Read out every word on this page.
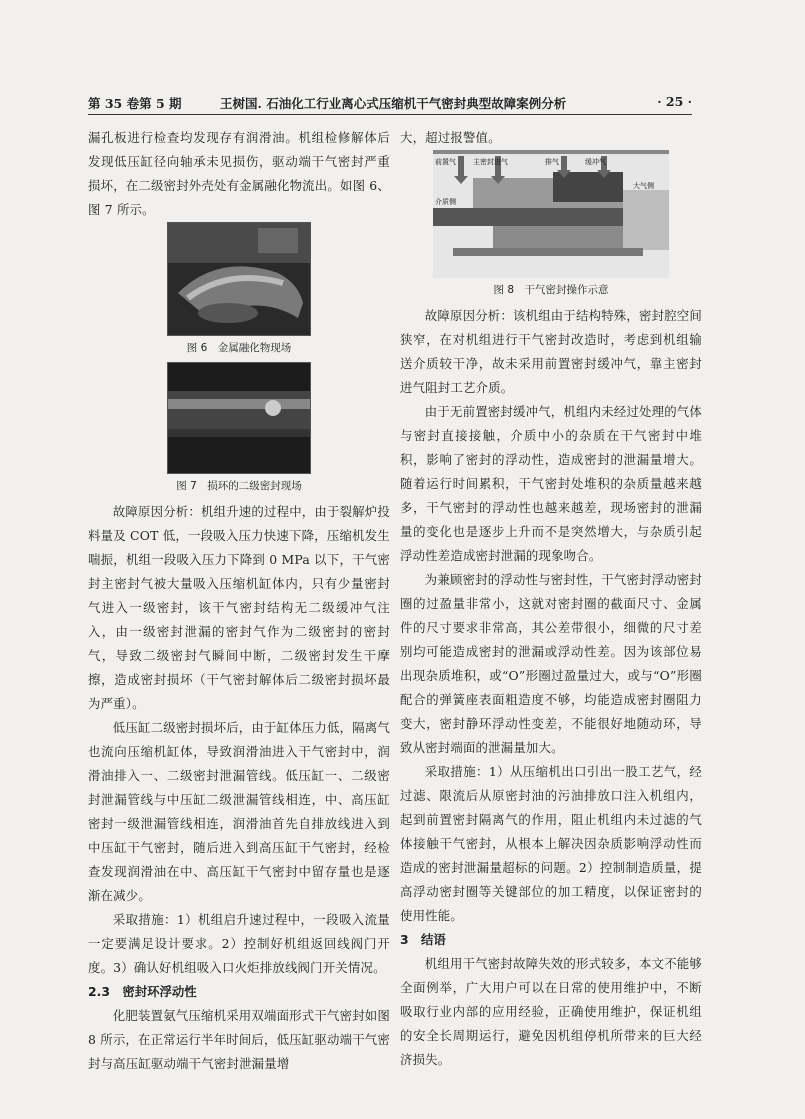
第 35 卷第 5 期	王树国. 石油化工行业离心式压缩机干气密封典型故障案例分析	· 25 ·

漏孔板进行检查均发现存有润滑油。机组检修解体后发现低压缸径向轴承未见损伤，驱动端干气密封严重损坏，在二级密封外壳处有金属融化物流出。如图 6、图 7 所示。

图 6　金属融化物现场
图 7　损环的二级密封现场

故障原因分析：机组升速的过程中，由于裂解炉投料量及 COT 低，一段吸入压力快速下降，压缩机发生喘振，机组一段吸入压力下降到 0 MPa 以下，干气密封主密封气被大量吸入压缩机缸体内，只有少量密封气进入一级密封，该干气密封结构无二级缓冲气注入，由一级密封泄漏的密封气作为二级密封的密封气，导致二级密封气瞬间中断，二级密封发生干摩擦，造成密封损坏（干气密封解体后二级密封损坏最为严重）。

低压缸二级密封损坏后，由于缸体压力低，隔离气也流向压缩机缸体，导致润滑油进入干气密封中，润滑油排入一、二级密封泄漏管线。低压缸一、二级密封泄漏管线与中压缸二级泄漏管线相连，中、高压缸密封一级泄漏管线相连，润滑油首先自排放线进入到中压缸干气密封，随后进入到高压缸干气密封，经检查发现润滑油在中、高压缸干气密封中留存量也是逐渐在减少。

采取措施：1）机组启升速过程中，一段吸入流量一定要满足设计要求。2）控制好机组返回线阀门开度。3）确认好机组吸入口火炬排放线阀门开关情况。

2.3　密封环浮动性

化肥装置氨气压缩机采用双端面形式干气密封如图 8 所示，在正常运行半年时间后，低压缸驱动端干气密封与高压缸驱动端干气密封泄漏量增

大，超过报警值。

前置气 主密封进气	排气	缓冲气
介质侧
大气侧
图 8　干气密封操作示意

故障原因分析：该机组由于结构特殊，密封腔空间狭窄，在对机组进行干气密封改造时，考虑到机组输送介质较干净，故未采用前置密封缓冲气，靠主密封进气阻封工艺介质。

由于无前置密封缓冲气，机组内未经过处理的气体与密封直接接触，介质中小的杂质在干气密封中堆积，影响了密封的浮动性，造成密封的泄漏量增大。随着运行时间累积，干气密封处堆积的杂质量越来越多，干气密封的浮动性也越来越差，现场密封的泄漏量的变化也是逐步上升而不是突然增大，与杂质引起浮动性差造成密封泄漏的现象吻合。

为兼顾密封的浮动性与密封性，干气密封浮动密封圈的过盈量非常小，这就对密封圈的截面尺寸、金属件的尺寸要求非常高，其公差带很小，细微的尺寸差别均可能造成密封的泄漏或浮动性差。因为该部位易出现杂质堆积，或“O”形圈过盈量过大，或与“O”形圈配合的弹簧座表面粗造度不够，均能造成密封圈阻力变大，密封静环浮动性变差，不能很好地随动环，导致从密封端面的泄漏量加大。

采取措施：1）从压缩机出口引出一股工艺气，经过滤、限流后从原密封油的污油排放口注入机组内，起到前置密封隔离气的作用，阻止机组内未过滤的气体接触干气密封，从根本上解决因杂质影响浮动性而造成的密封泄漏量超标的问题。2）控制制造质量，提高浮动密封圈等关键部位的加工精度，以保证密封的使用性能。

3　结语

机组用干气密封故障失效的形式较多，本文不能够全面例举，广大用户可以在日常的使用维护中，不断吸取行业内部的应用经验，正确使用维护，保证机组的安全长周期运行，避免因机组停机所带来的巨大经济损失。
